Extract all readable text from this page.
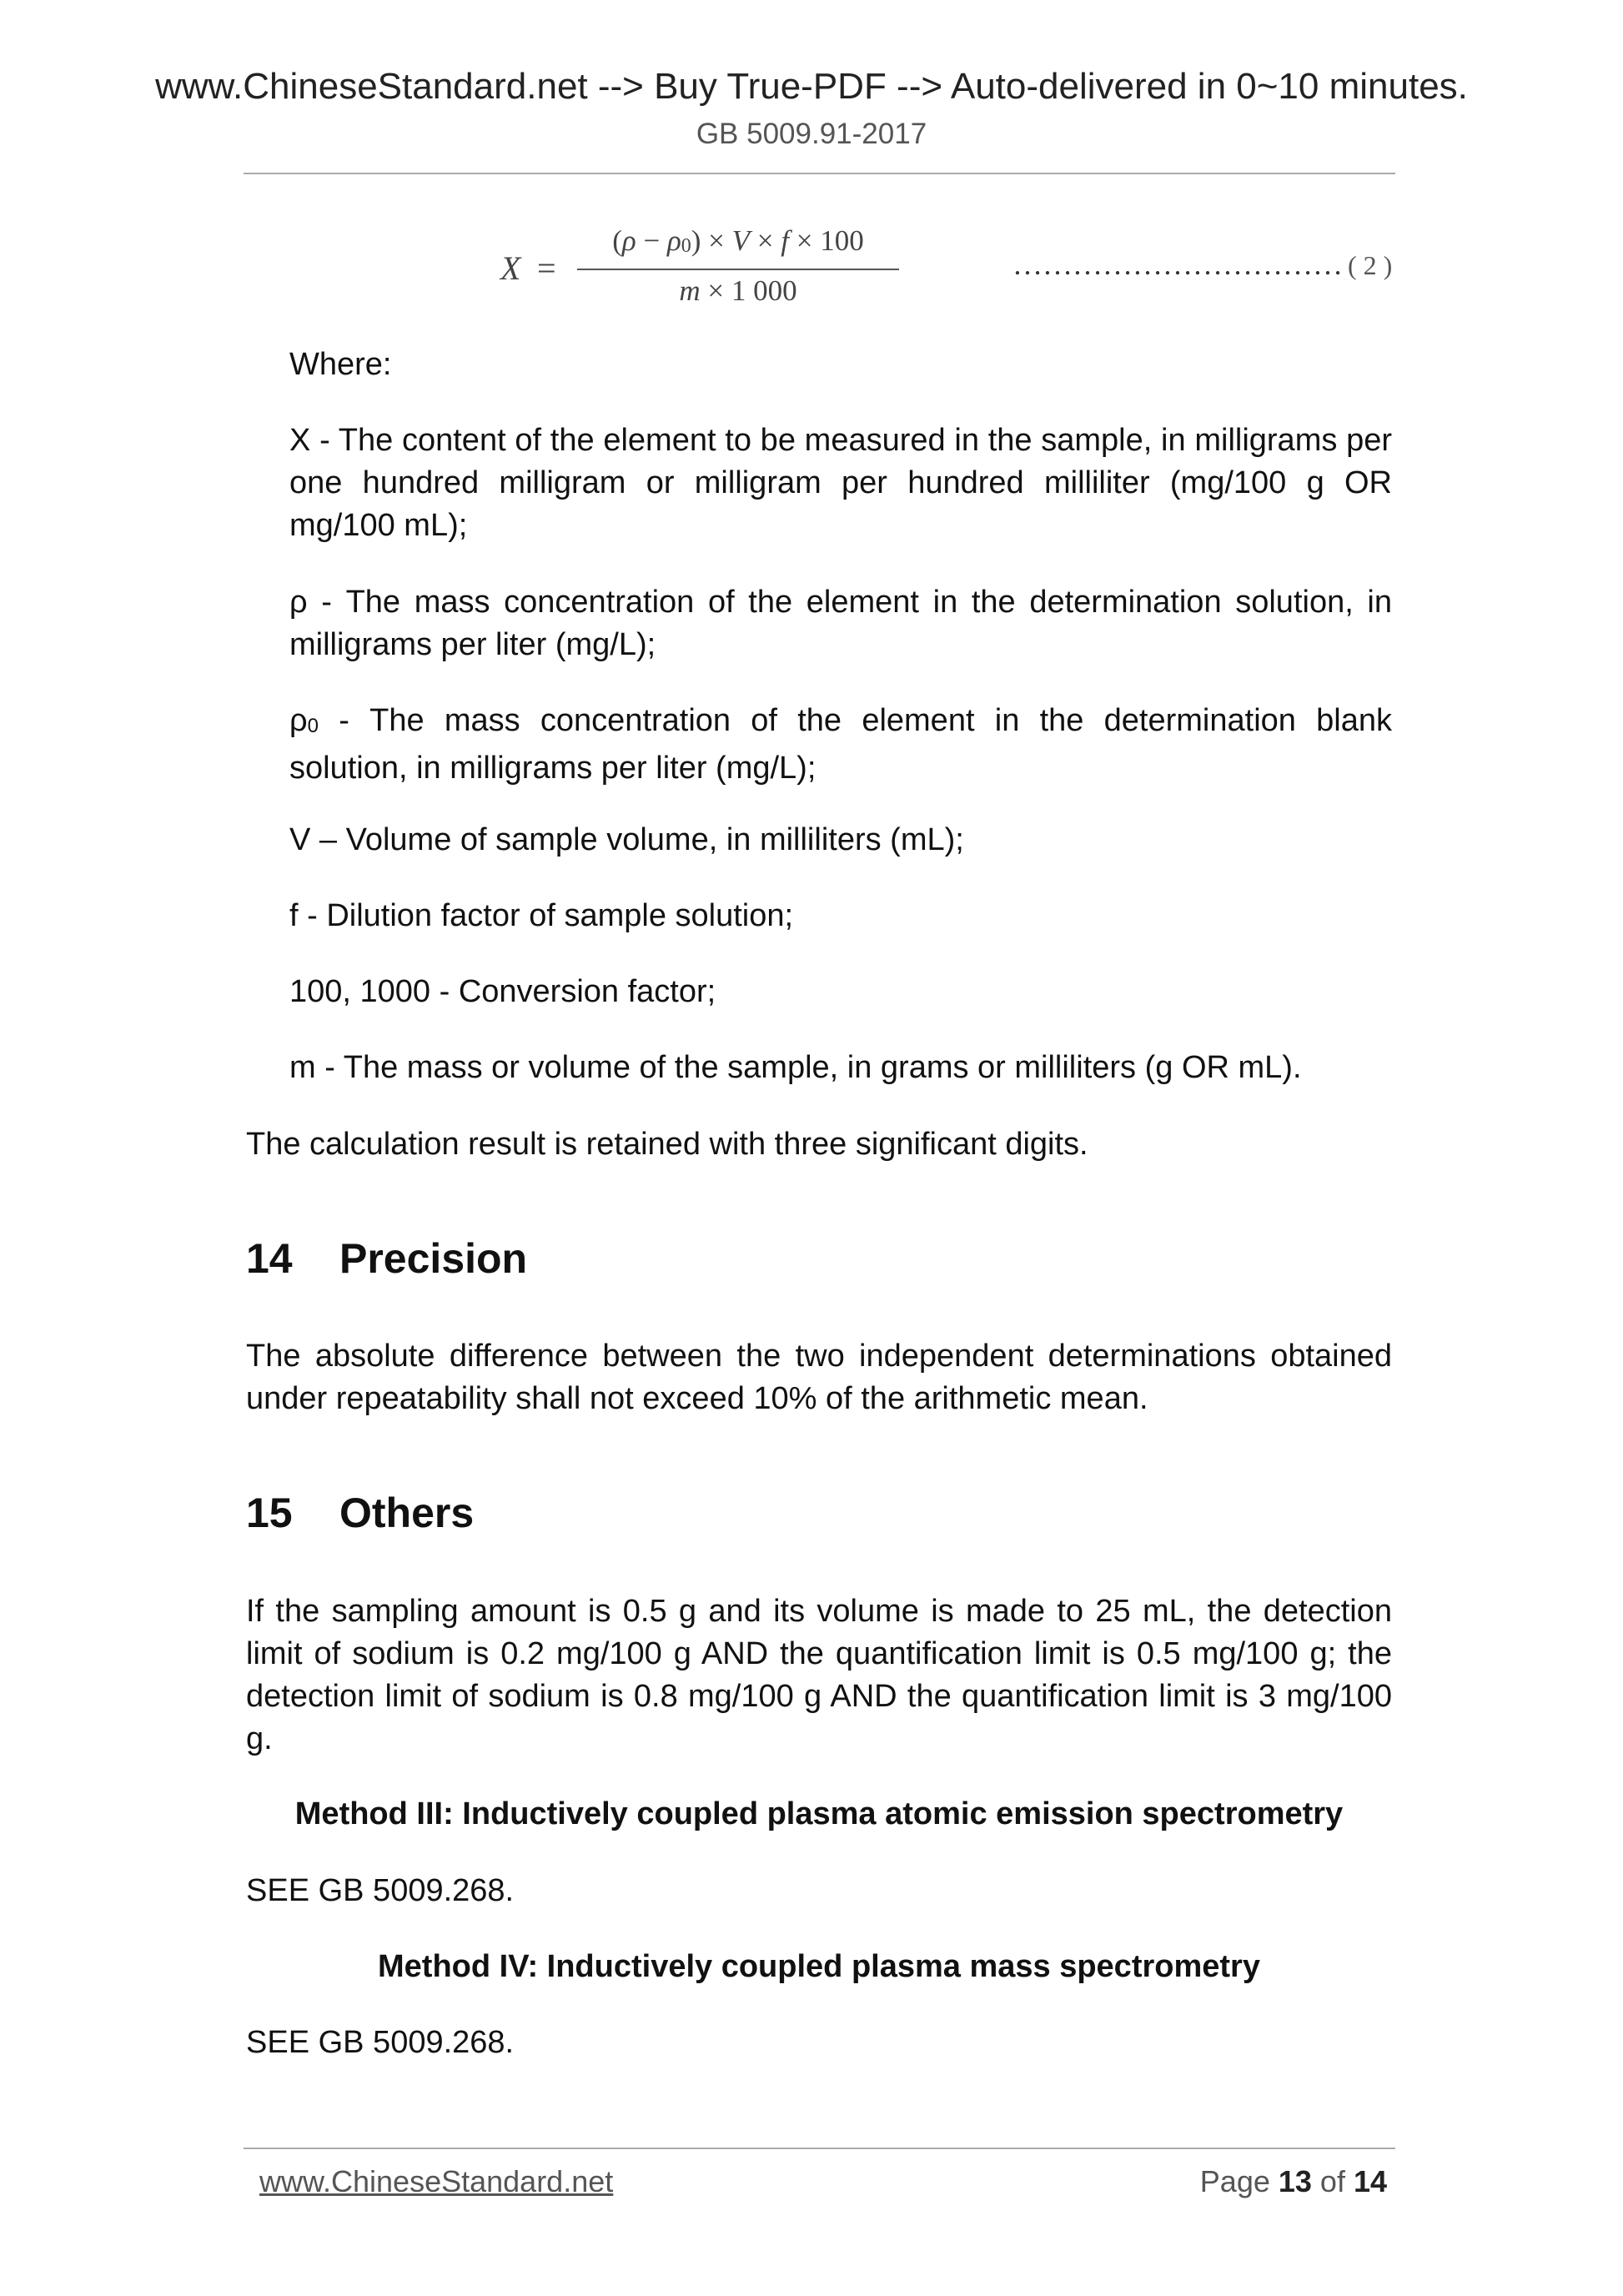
www.ChineseStandard.net --> Buy True-PDF --> Auto-delivered in 0~10 minutes.

GB 5009.91-2017

X =
(ρ − ρ0) × V × f × 100
m × 1 000
…………………………… ( 2 )

Where:

X - The content of the element to be measured in the sample, in milligrams per one hundred milligram or milligram per hundred milliliter (mg/100 g OR mg/100 mL);

ρ - The mass concentration of the element in the determination solution, in milligrams per liter (mg/L);

ρ0 - The mass concentration of the element in the determination blank solution, in milligrams per liter (mg/L);

V – Volume of sample volume, in milliliters (mL);

f - Dilution factor of sample solution;

100, 1000 - Conversion factor;

m - The mass or volume of the sample, in grams or milliliters (g OR mL).

The calculation result is retained with three significant digits.

14 Precision

The absolute difference between the two independent determinations obtained under repeatability shall not exceed 10% of the arithmetic mean.

15 Others

If the sampling amount is 0.5 g and its volume is made to 25 mL, the detection limit of sodium is 0.2 mg/100 g AND the quantification limit is 0.5 mg/100 g; the detection limit of sodium is 0.8 mg/100 g AND the quantification limit is 3 mg/100 g.

Method III: Inductively coupled plasma atomic emission spectrometry

SEE GB 5009.268.

Method IV: Inductively coupled plasma mass spectrometry

SEE GB 5009.268.

www.ChineseStandard.net	Page 13 of 14
